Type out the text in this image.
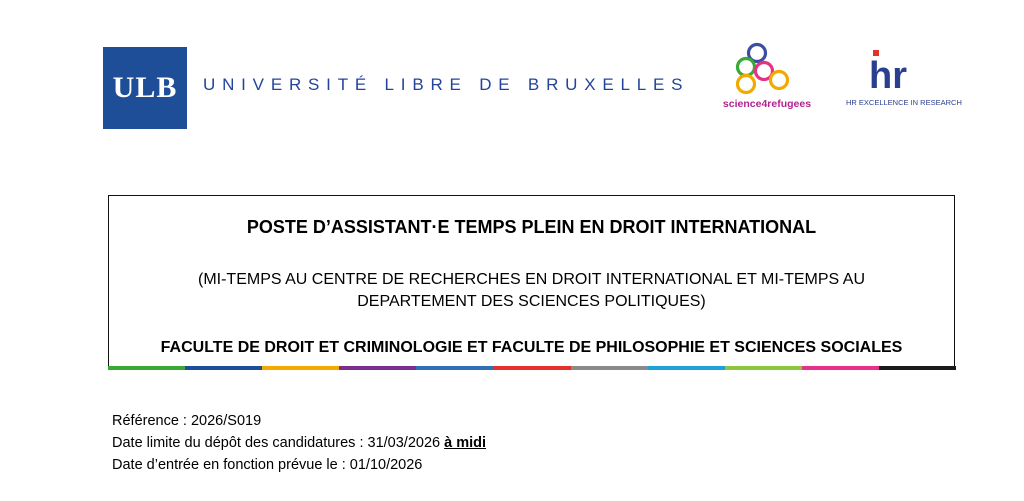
ULB UNIVERSITÉ LIBRE DE BRUXELLES
science4refugees
hr
HR EXCELLENCE IN RESEARCH
POSTE D’ASSISTANT·E TEMPS PLEIN EN DROIT INTERNATIONAL
(MI-TEMPS AU CENTRE DE RECHERCHES EN DROIT INTERNATIONAL ET MI-TEMPS AU
DEPARTEMENT DES SCIENCES POLITIQUES)
FACULTE DE DROIT ET CRIMINOLOGIE ET FACULTE DE PHILOSOPHIE ET SCIENCES SOCIALES
Référence : 2026/S019
Date limite du dépôt des candidatures : 31/03/2026 à midi
Date d’entrée en fonction prévue le : 01/10/2026
